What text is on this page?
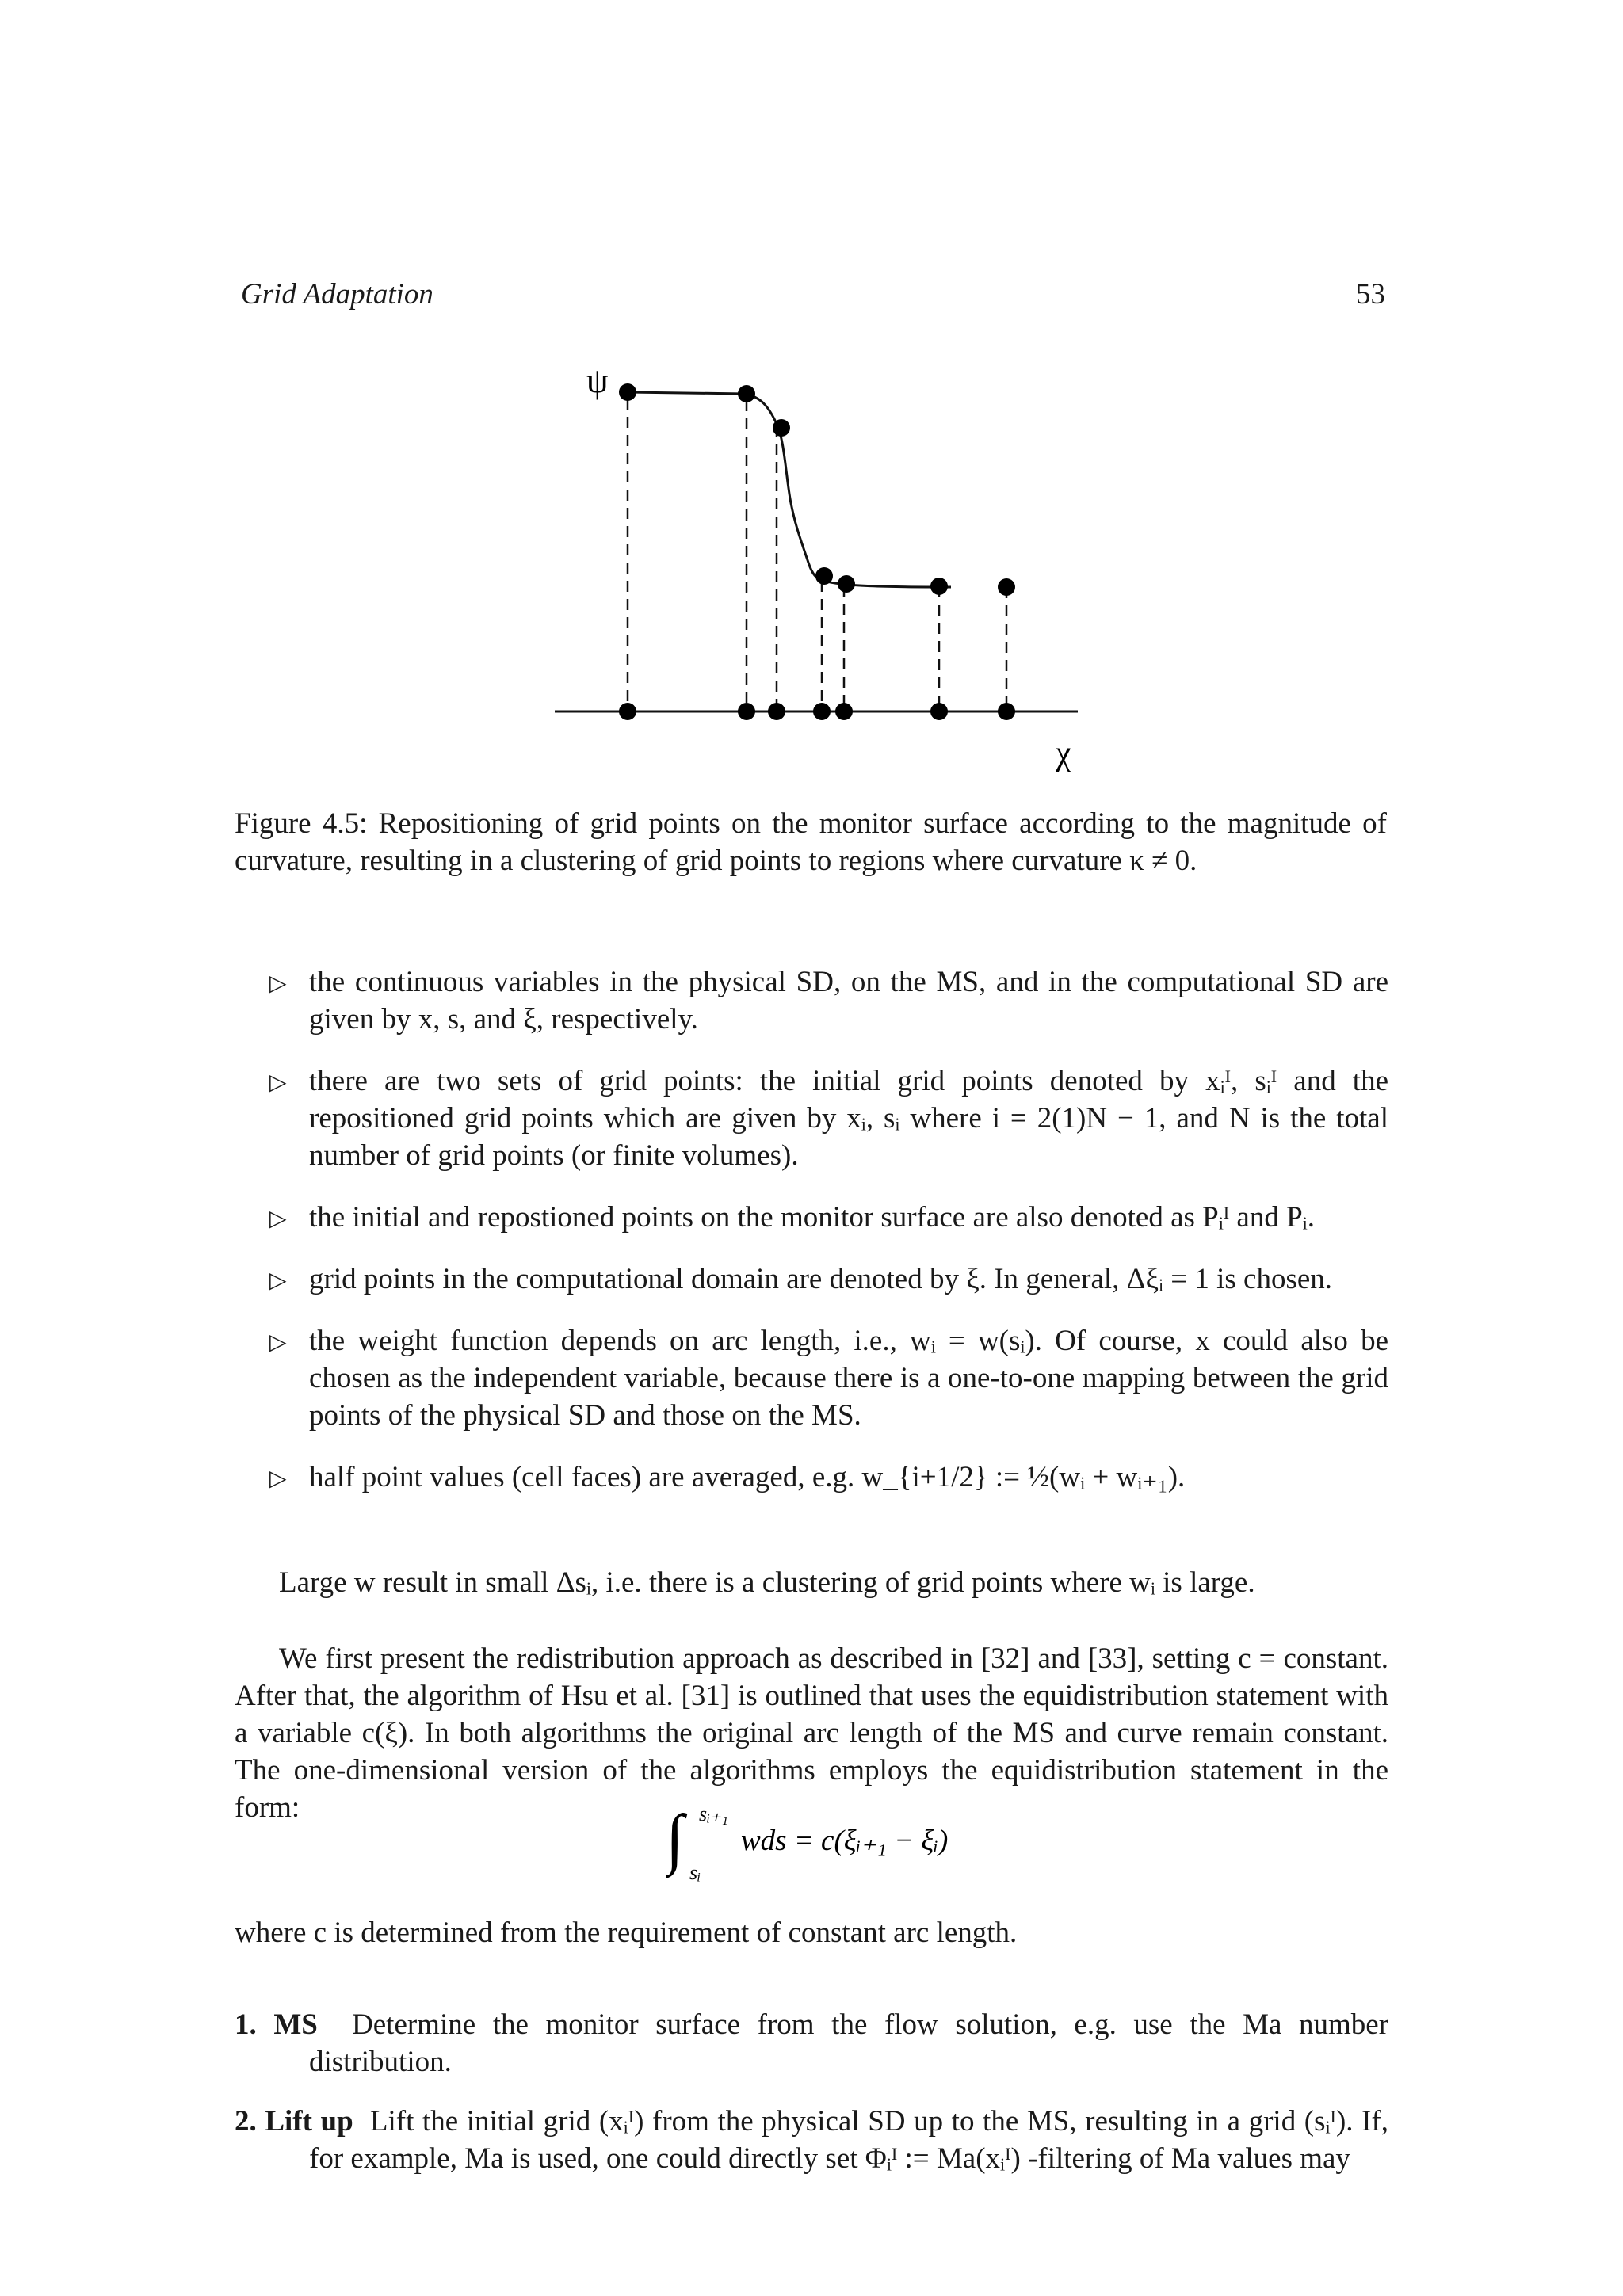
Grid Adaptation	53
ψ
χ
Figure 4.5: Repositioning of grid points on the monitor surface according to the magnitude of curvature, resulting in a clustering of grid points to regions where curvature κ ≠ 0.
▷ the continuous variables in the physical SD, on the MS, and in the computational SD are given by x, s, and ξ, respectively.
▷ there are two sets of grid points: the initial grid points denoted by xᵢᴵ, sᵢᴵ and the repositioned grid points which are given by xᵢ, sᵢ where i = 2(1)N − 1, and N is the total number of grid points (or finite volumes).
▷ the initial and repostioned points on the monitor surface are also denoted as Pᵢᴵ and Pᵢ.
▷ grid points in the computational domain are denoted by ξ. In general, Δξᵢ = 1 is chosen.
▷ the weight function depends on arc length, i.e., wᵢ = w(sᵢ). Of course, x could also be chosen as the independent variable, because there is a one-to-one mapping between the grid points of the physical SD and those on the MS.
▷ half point values (cell faces) are averaged, e.g. w_{i+1/2} := ½(wᵢ + wᵢ₊₁).
Large w result in small Δsᵢ, i.e. there is a clustering of grid points where wᵢ is large.
We first present the redistribution approach as described in [32] and [33], setting c = constant. After that, the algorithm of Hsu et al. [31] is outlined that uses the equidistribution statement with a variable c(ξ). In both algorithms the original arc length of the MS and curve remain constant. The one-dimensional version of the algorithms employs the equidistribution statement in the form:	∫ sᵢ₊₁
sᵢ
wds = c(ξᵢ₊₁ − ξᵢ)
where c is determined from the requirement of constant arc length.
1. MS Determine the monitor surface from the flow solution, e.g. use the Ma number distribution.
2. Lift up Lift the initial grid (xᵢᴵ) from the physical SD up to the MS, resulting in a grid (sᵢᴵ). If, for example, Ma is used, one could directly set Φᵢᴵ := Ma(xᵢᴵ) -filtering of Ma values may
